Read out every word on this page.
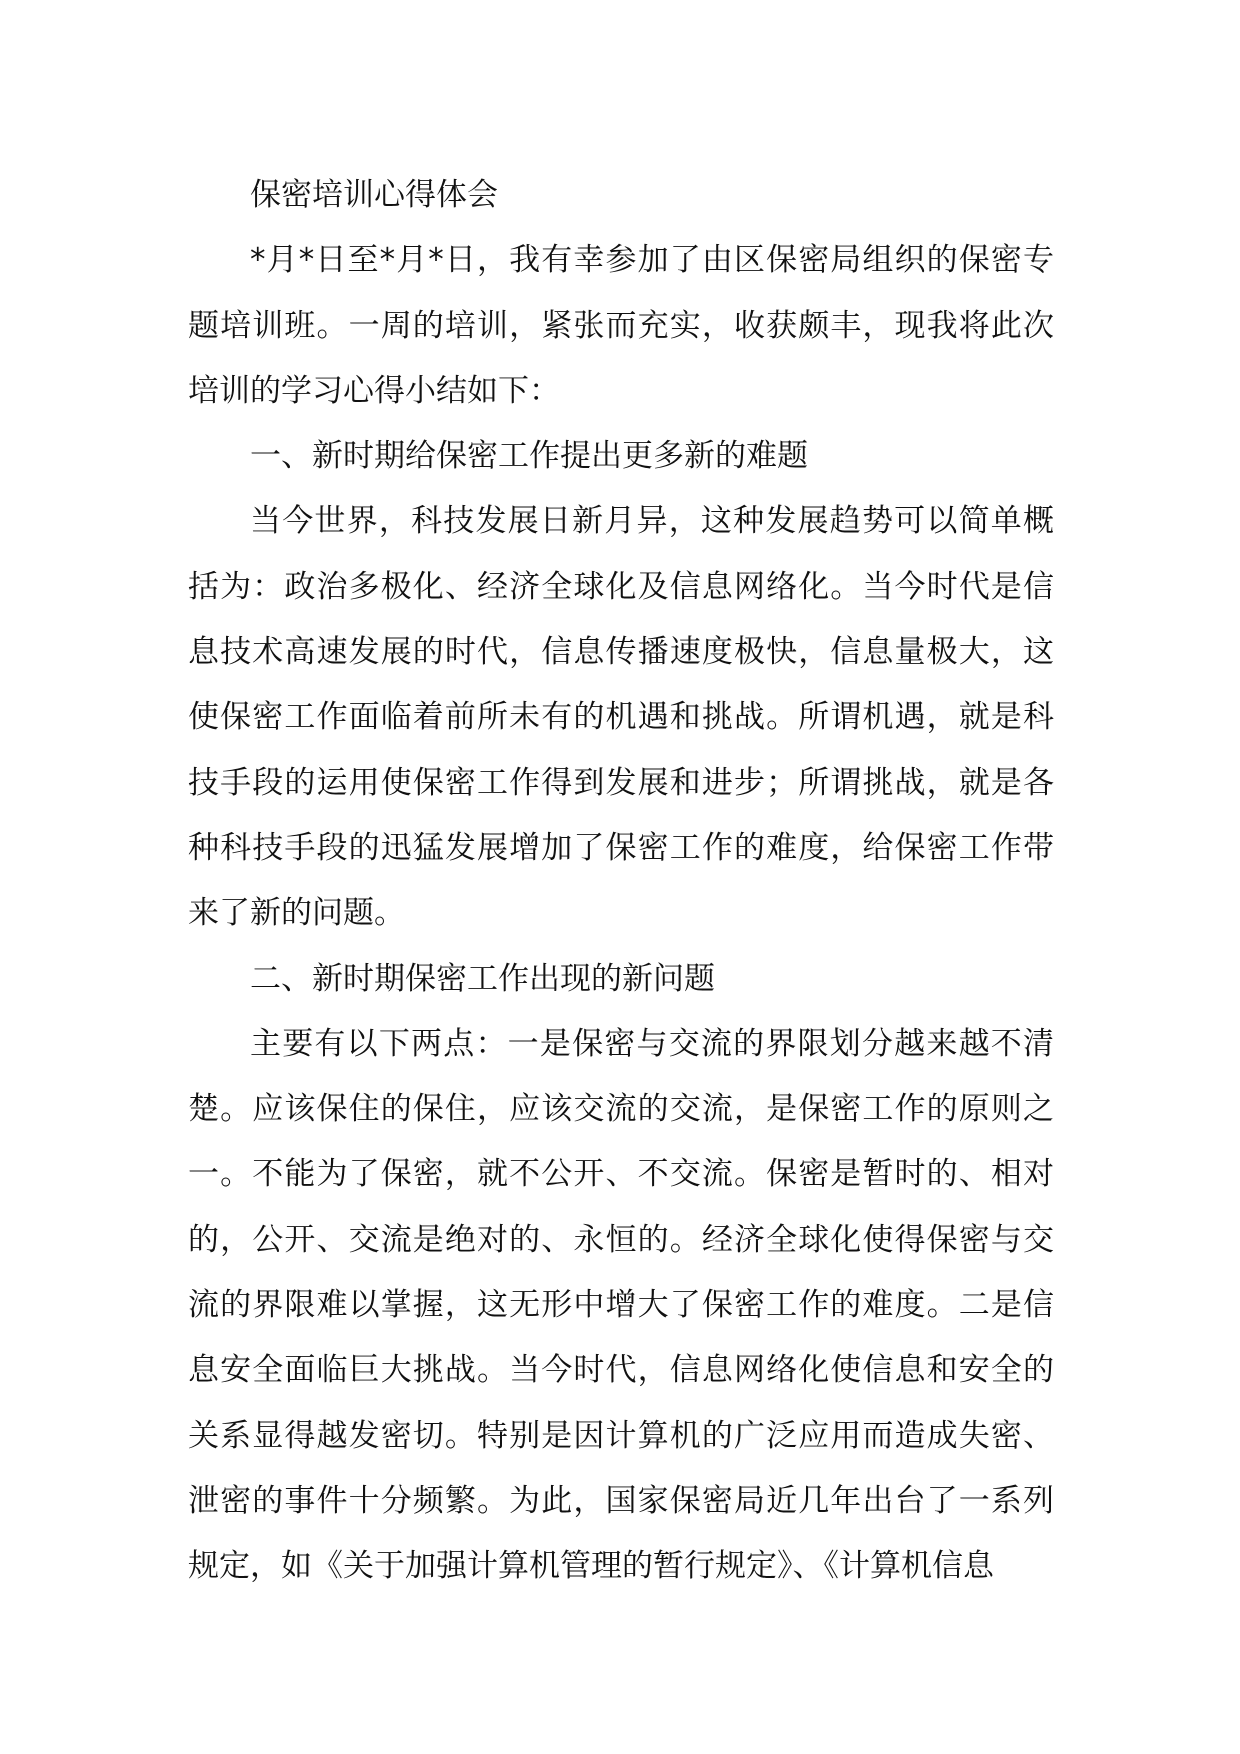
保密培训心得体会

*月*日至*月*日，我有幸参加了由区保密局组织的保密专题培训班。一周的培训，紧张而充实，收获颇丰，现我将此次培训的学习心得小结如下：

一、新时期给保密工作提出更多新的难题

当今世界，科技发展日新月异，这种发展趋势可以简单概括为：政治多极化、经济全球化及信息网络化。当今时代是信息技术高速发展的时代，信息传播速度极快，信息量极大，这使保密工作面临着前所未有的机遇和挑战。所谓机遇，就是科技手段的运用使保密工作得到发展和进步；所谓挑战，就是各种科技手段的迅猛发展增加了保密工作的难度，给保密工作带来了新的问题。

二、新时期保密工作出现的新问题

主要有以下两点：一是保密与交流的界限划分越来越不清楚。应该保住的保住，应该交流的交流，是保密工作的原则之一。不能为了保密，就不公开、不交流。保密是暂时的、相对的，公开、交流是绝对的、永恒的。经济全球化使得保密与交流的界限难以掌握，这无形中增大了保密工作的难度。二是信息安全面临巨大挑战。当今时代，信息网络化使信息和安全的关系显得越发密切。特别是因计算机的广泛应用而造成失密、泄密的事件十分频繁。为此，国家保密局近几年出台了一系列规定，如《关于加强计算机管理的暂行规定》、《计算机信息
